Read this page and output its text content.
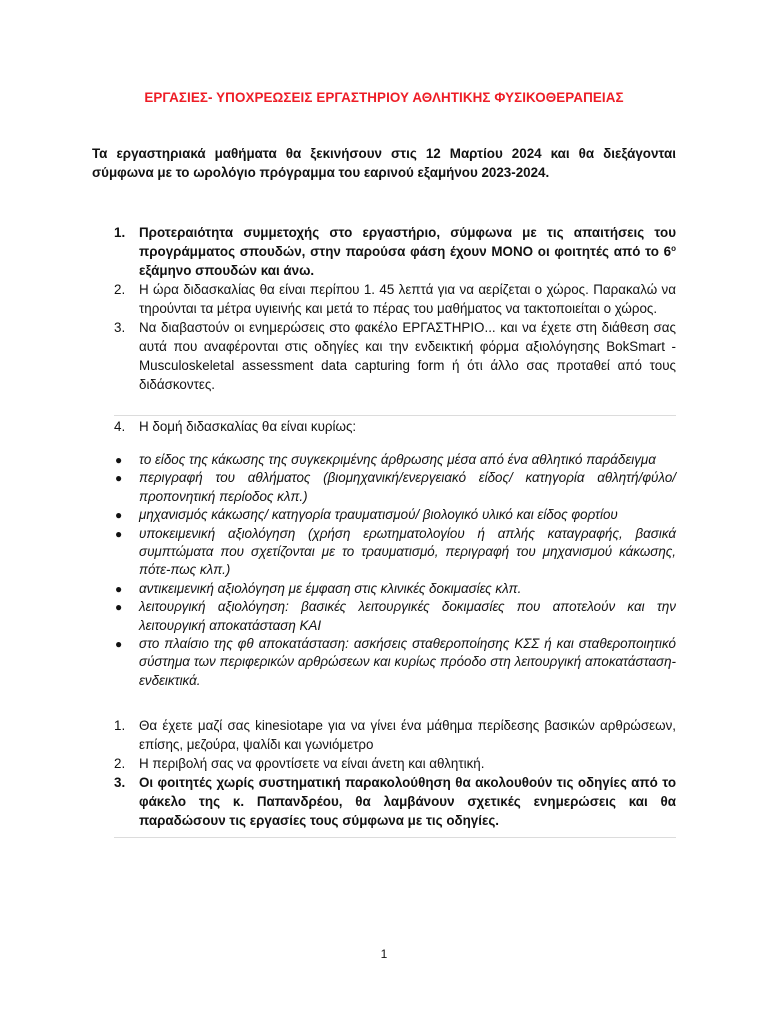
ΕΡΓΑΣΙΕΣ- ΥΠΟΧΡΕΩΣΕΙΣ ΕΡΓΑΣΤΗΡΙΟΥ ΑΘΛΗΤΙΚΗΣ ΦΥΣΙΚΟΘΕΡΑΠΕΙΑΣ
Τα εργαστηριακά μαθήματα θα ξεκινήσουν στις 12 Μαρτίου 2024 και θα διεξάγονται σύμφωνα με το ωρολόγιο πρόγραμμα του εαρινού εξαμήνου 2023-2024.
1. Προτεραιότητα συμμετοχής στο εργαστήριο, σύμφωνα με τις απαιτήσεις του προγράμματος σπουδών, στην παρούσα φάση έχουν ΜΟΝΟ οι φοιτητές από το $6^o$ εξάμηνο σπουδών και άνω.
2. Η ώρα διδασκαλίας θα είναι περίπου 1. 45 λεπτά για να αερίζεται ο χώρος. Παρακαλώ να τηρούνται τα μέτρα υγιεινής και μετά το πέρας του μαθήματος να τακτοποιείται ο χώρος.
3. Να διαβαστούν οι ενημερώσεις στο φακέλο ΕΡΓΑΣΤΗΡΙΟ... και να έχετε στη διάθεση σας αυτά που αναφέρονται στις οδηγίες και την ενδεικτική φόρμα αξιολόγησης BokSmart - Musculoskeletal assessment data capturing form ή ότι άλλο σας προταθεί από τους διδάσκοντες.
4. Η δομή διδασκαλίας θα είναι κυρίως:
● το είδος της κάκωσης της συγκεκριμένης άρθρωσης μέσα από ένα αθλητικό παράδειγμα
● περιγραφή του αθλήματος (βιομηχανική/ενεργειακό είδος/ κατηγορία αθλητή/φύλο/προπονητική περίοδος κλπ.)
● μηχανισμός κάκωσης/ κατηγορία τραυματισμού/ βιολογικό υλικό και είδος φορτίου
● υποκειμενική αξιολόγηση (χρήση ερωτηματολογίου ή απλής καταγραφής, βασικά συμπτώματα που σχετίζονται με το τραυματισμό, περιγραφή του μηχανισμού κάκωσης, πότε-πως κλπ.)
● αντικειμενική αξιολόγηση με έμφαση στις κλινικές δοκιμασίες κλπ.
● λειτουργική αξιολόγηση: βασικές λειτουργικές δοκιμασίες που αποτελούν και την λειτουργική αποκατάσταση ΚΑΙ
● στο πλαίσιο της φθ αποκατάσταση: ασκήσεις σταθεροποίησης ΚΣΣ ή και σταθεροποιητικό σύστημα των περιφερικών αρθρώσεων και κυρίως πρόοδο στη λειτουργική αποκατάσταση- ενδεικτικά.
1. Θα έχετε μαζί σας kinesiotape για να γίνει ένα μάθημα περίδεσης βασικών αρθρώσεων, επίσης, μεζούρα, ψαλίδι και γωνιόμετρο
2. Η περιβολή σας να φροντίσετε να είναι άνετη και αθλητική.
3. Οι φοιτητές χωρίς συστηματική παρακολούθηση θα ακολουθούν τις οδηγίες από το φάκελο της κ. Παπανδρέου, θα λαμβάνουν σχετικές ενημερώσεις και θα παραδώσουν τις εργασίες τους σύμφωνα με τις οδηγίες.
1
